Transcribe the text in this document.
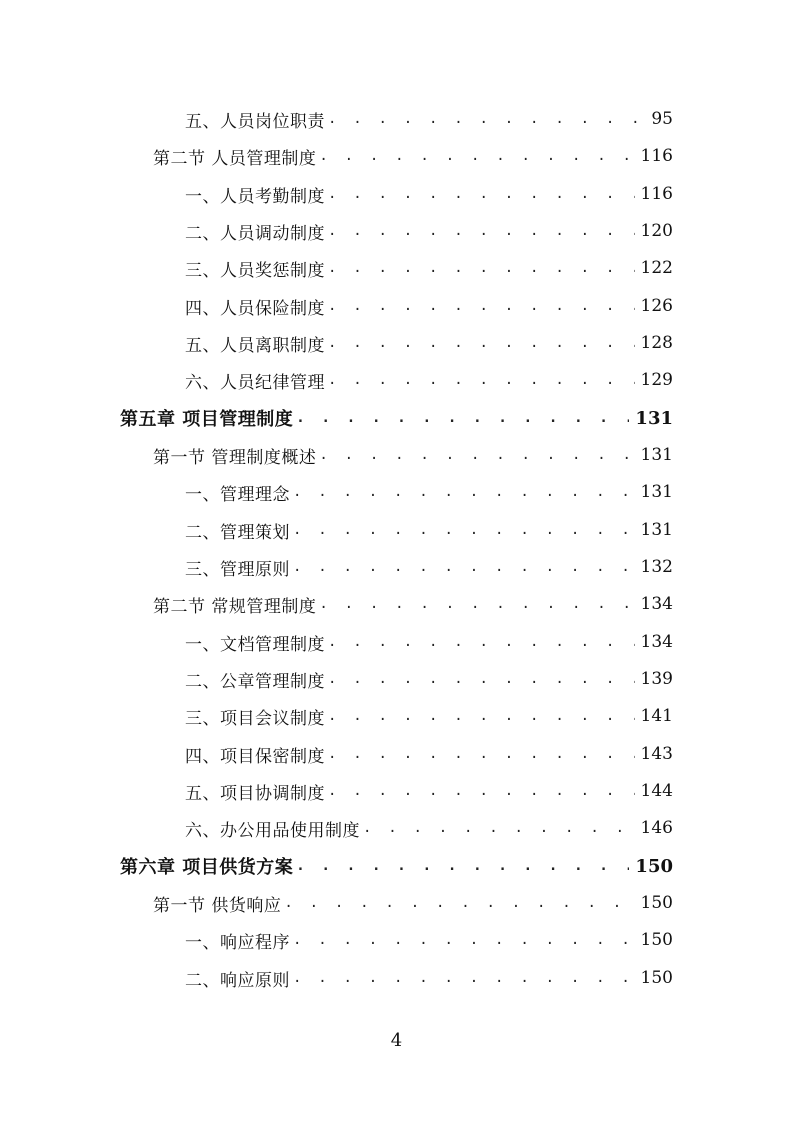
五、人员岗位职责 . . .	95
第二节 人员管理制度 . . .	116
一、人员考勤制度 . . .	116
二、人员调动制度 . . .	120
三、人员奖惩制度 . . .	122
四、人员保险制度 . . .	126
五、人员离职制度 . . .	128
六、人员纪律管理 . . .	129
第五章 项目管理制度 . . .	131
第一节 管理制度概述 . . .	131
一、管理理念 . . .	131
二、管理策划 . . .	131
三、管理原则 . . .	132
第二节 常规管理制度 . . .	134
一、文档管理制度 . . .	134
二、公章管理制度 . . .	139
三、项目会议制度 . . .	141
四、项目保密制度 . . .	143
五、项目协调制度 . . .	144
六、办公用品使用制度 . . .	146
第六章 项目供货方案 . . .	150
第一节 供货响应 . . .	150
一、响应程序 . . .	150
二、响应原则 . . .	150
4
